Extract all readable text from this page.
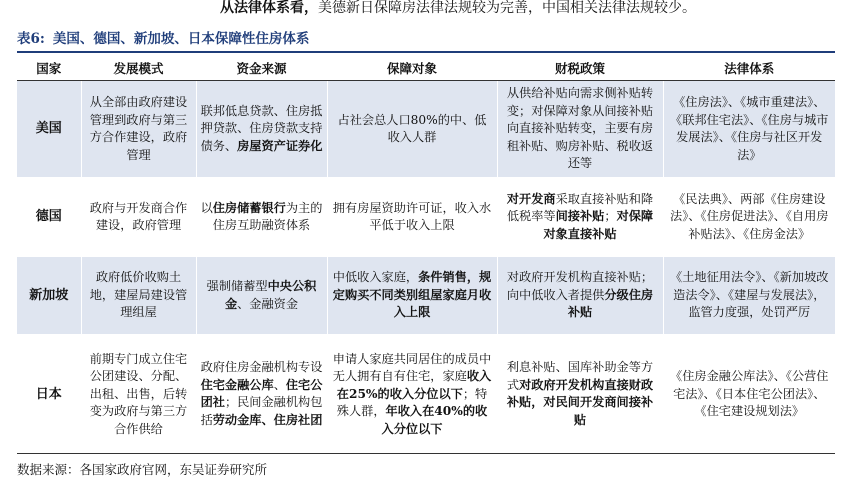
从法律体系看，美德新日保障房法律法规较为完善，中国相关法律法规较少。
表6: 美国、德国、新加坡、日本保障性住房体系
国家	发展模式	资金来源	保障对象	财税政策	法律体系
美国	从全部由政府建设管理到政府与第三方合作建设，政府管理	联邦低息贷款、住房抵押贷款、住房贷款支持债务、房屋资产证券化	占社会总人口80%的中、低收入人群	从供给补贴向需求侧补贴转变；对保障对象从间接补贴向直接补贴转变，主要有房租补贴、购房补贴、税收返还等	《住房法》、《城市重建法》、《联邦住宅法》、《住房与城市发展法》、《住房与社区开发法》
德国	政府与开发商合作建设，政府管理	以住房储蓄银行为主的住房互助融资体系	拥有房屋资助许可证，收入水平低于收入上限	对开发商采取直接补贴和降低税率等间接补贴；对保障对象直接补贴	《民法典》、两部《住房建设法》、《住房促进法》、《自用房补贴法》、《住房金法》
新加坡	政府低价收购土地，建屋局建设管理组屋	强制储蓄型中央公积金、金融资金	中低收入家庭，条件销售，规定购买不同类别组屋家庭月收入上限	对政府开发机构直接补贴；向中低收入者提供分级住房补贴	《土地征用法令》、《新加坡改造法令》、《建屋与发展法》，监管力度强，处罚严厉
日本	前期专门成立住宅公团建设、分配、出租、出售，后转变为政府与第三方合作供给	政府住房金融机构专设住宅金融公库、住宅公团社；民间金融机构包括劳动金库、住房社团	申请人家庭共同居住的成员中无人拥有自有住宅，家庭收入在25%的收入分位以下；特殊人群，年收入在40%的收入分位以下	利息补贴、国库补助金等方式对政府开发机构直接财政补贴，对民间开发商间接补贴	《住房金融公库法》、《公营住宅法》、《日本住宅公团法》、《住宅建设规划法》
数据来源：各国家政府官网，东吴证券研究所
